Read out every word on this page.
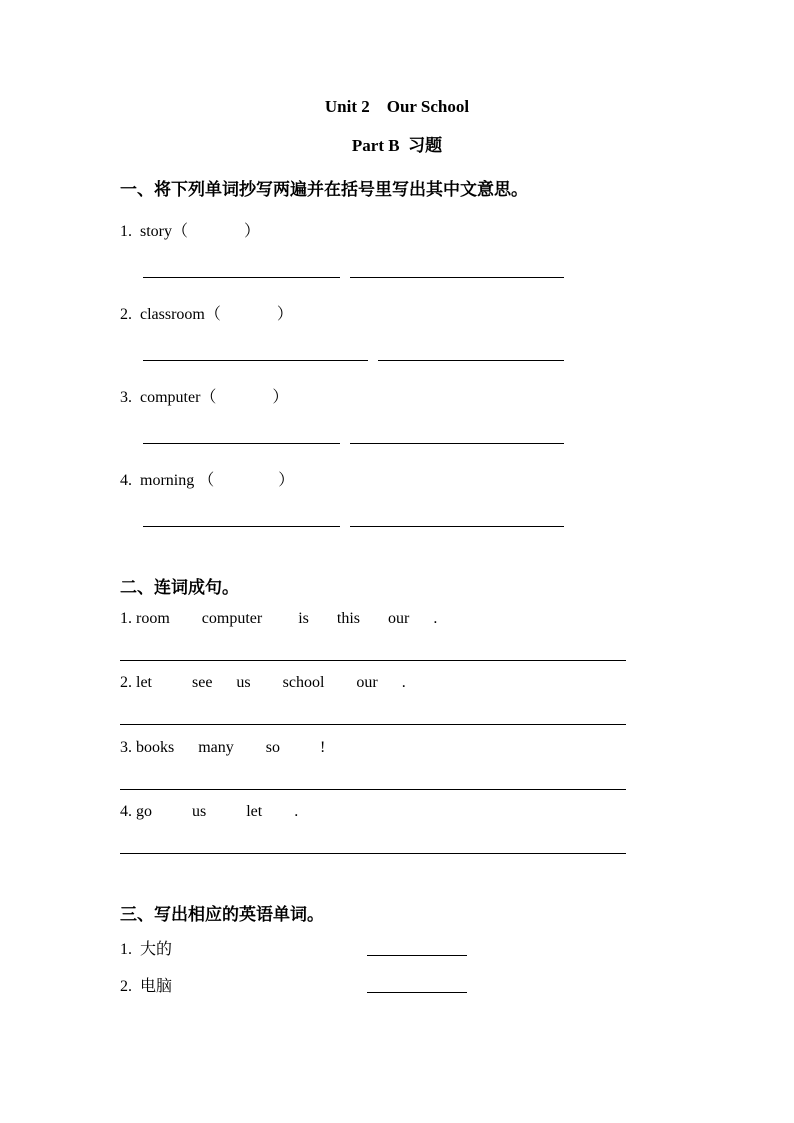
Unit 2    Our School
Part B  习题
一、将下列单词抄写两遍并在括号里写出其中文意思。
1.  story（              ）
2.  classroom（              ）
3.  computer（              ）
4.  morning （                ）
二、连词成句。
1. room        computer         is       this       our      .
2. let          see      us        school        our      .
3. books      many        so          !
4. go          us          let        .
三、写出相应的英语单词。
1.  大的
2.  电脑
